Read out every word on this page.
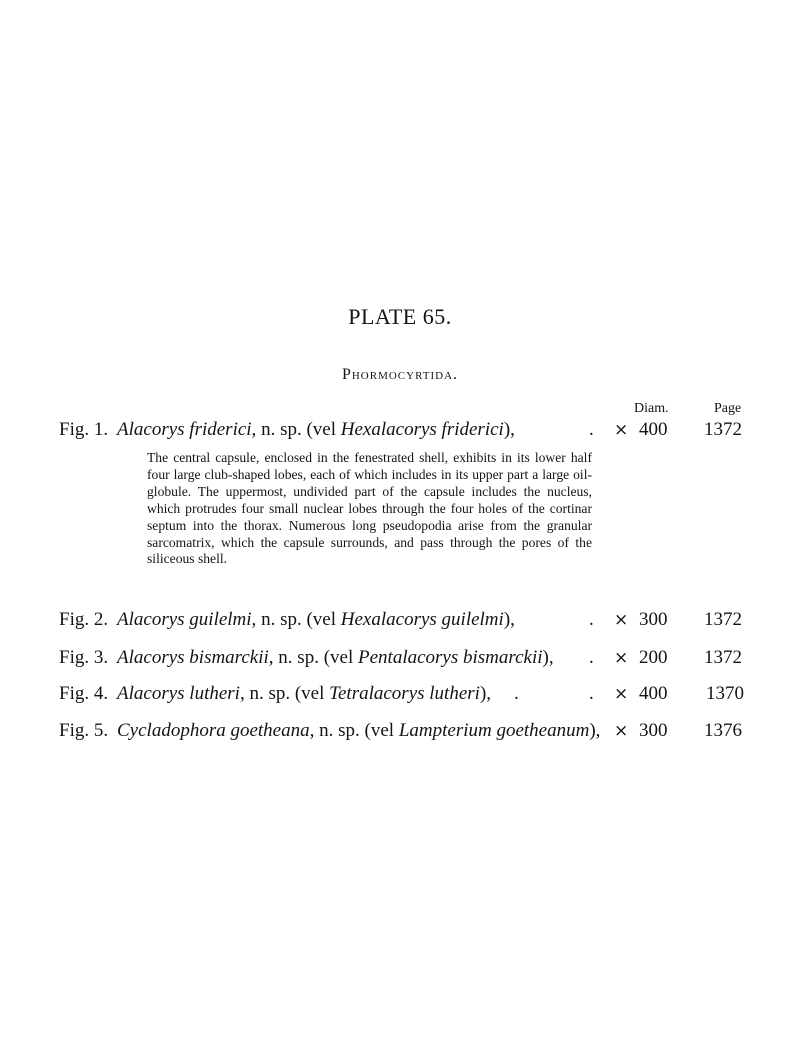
PLATE 65.
Phormocyrtida.
Diam.	Page
Fig. 1. Alacorys friderici, n. sp. (vel Hexalacorys friderici),	. × 400 1372

The central capsule, enclosed in the fenestrated shell, exhibits in its lower half four large club-shaped lobes, each of which includes in its upper part a large oil-globule. The uppermost, undivided part of the capsule includes the nucleus, which protrudes four small nuclear lobes through the four holes of the cortinar septum into the thorax. Numerous long pseudopodia arise from the granular sarcomatrix, which the capsule surrounds, and pass through the pores of the siliceous shell.

Fig. 2. Alacorys guilelmi, n. sp. (vel Hexalacorys guilelmi),	. × 300 1372
Fig. 3. Alacorys bismarckii, n. sp. (vel Pentalacorys bismarckii), . × 200 1372
Fig. 4. Alacorys lutheri, n. sp. (vel Tetralacorys lutheri), .	. × 400 1370
Fig. 5. Cycladophora goetheana, n. sp. (vel Lampterium goetheanum), × 300 1376
